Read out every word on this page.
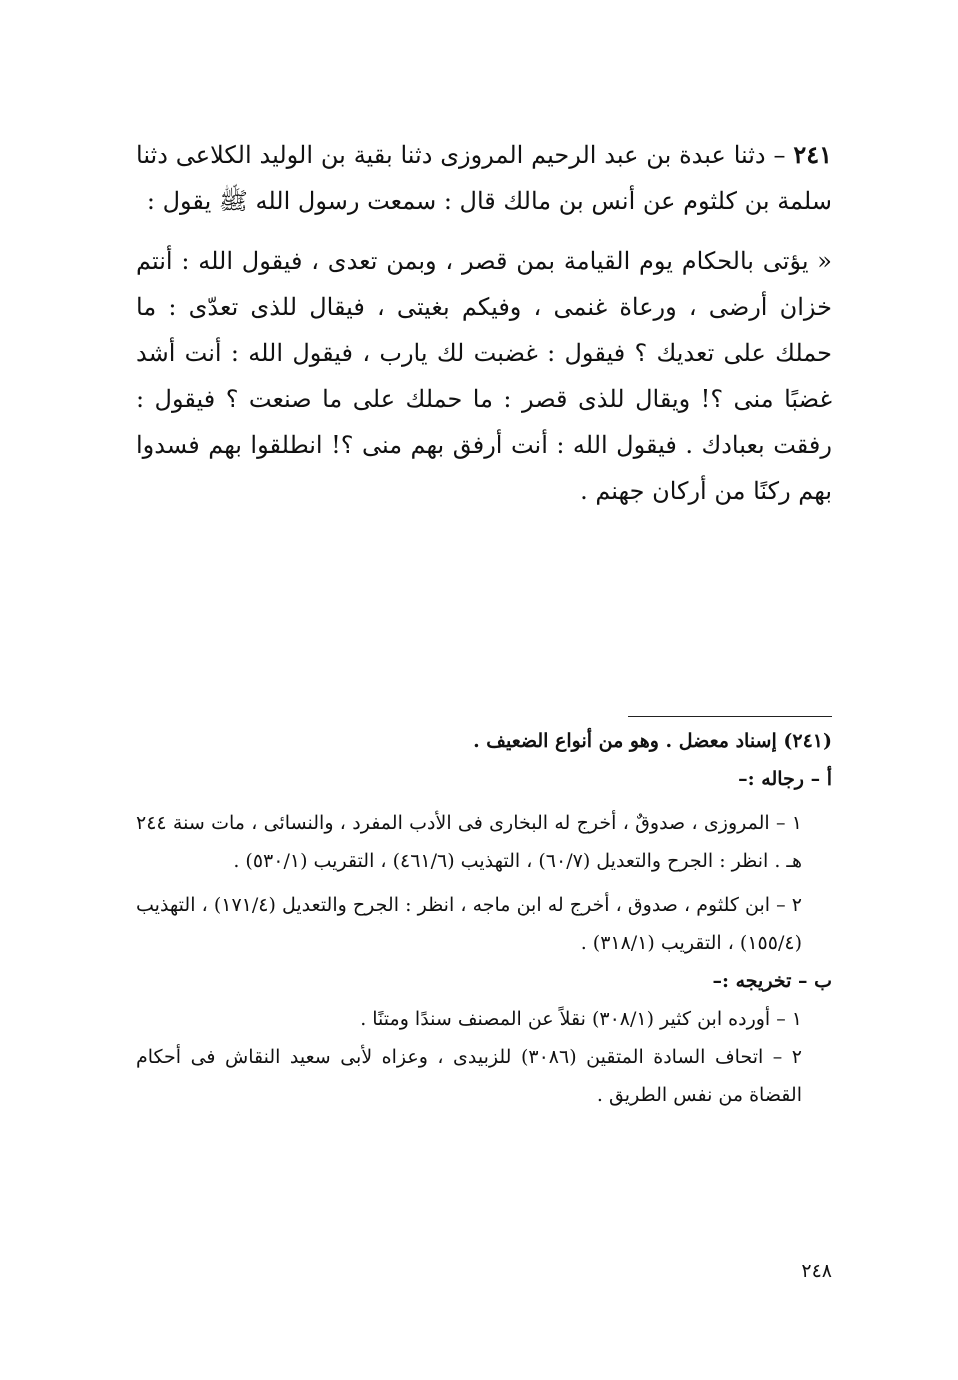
٢٤١ – دثنا عبدة بن عبد الرحيم المروزى دثنا بقية بن الوليد الكلاعى دثنا سلمة بن كلثوم عن أنس بن مالك قال : سمعت رسول الله ﷺ يقول :

« يؤتى بالحكام يوم القيامة بمن قصر ، وبمن تعدى ، فيقول الله : أنتم خزان أرضى ، ورعاة غنمى ، وفيكم بغيتى ، فيقال للذى تعدّى : ما حملك على تعديك ؟ فيقول : غضبت لك يارب ، فيقول الله : أنت أشد غضبًا منى ؟! ويقال للذى قصر : ما حملك على ما صنعت ؟ فيقول : رفقت بعبادك . فيقول الله : أنت أرفق بهم منى ؟! انطلقوا بهم فسدوا بهم ركنًا من أركان جهنم .

(٢٤١) إسناد معضل . وهو من أنواع الضعيف .

أ – رجاله :–

١ – المروزى ، صدوقٌ ، أخرج له البخارى فى الأدب المفرد ، والنسائى ، مات سنة ٢٤٤ هـ . انظر : الجرح والتعديل (٦٠/٧) ، التهذيب (٤٦١/٦) ، التقريب (٥٣٠/١) .

٢ – ابن كلثوم ، صدوق ، أخرج له ابن ماجه ، انظر : الجرح والتعديل (١٧١/٤) ، التهذيب (١٥٥/٤) ، التقريب (٣١٨/١) .

ب – تخريجه :–

١ – أورده ابن كثير (٣٠٨/١) نقلاً عن المصنف سندًا ومتنًا .

٢ – اتحاف السادة المتقين (٣٠٨٦) للزبيدى ، وعزاه لأبى سعيد النقاش فى أحكام القضاة من نفس الطريق .

٢٤٨
